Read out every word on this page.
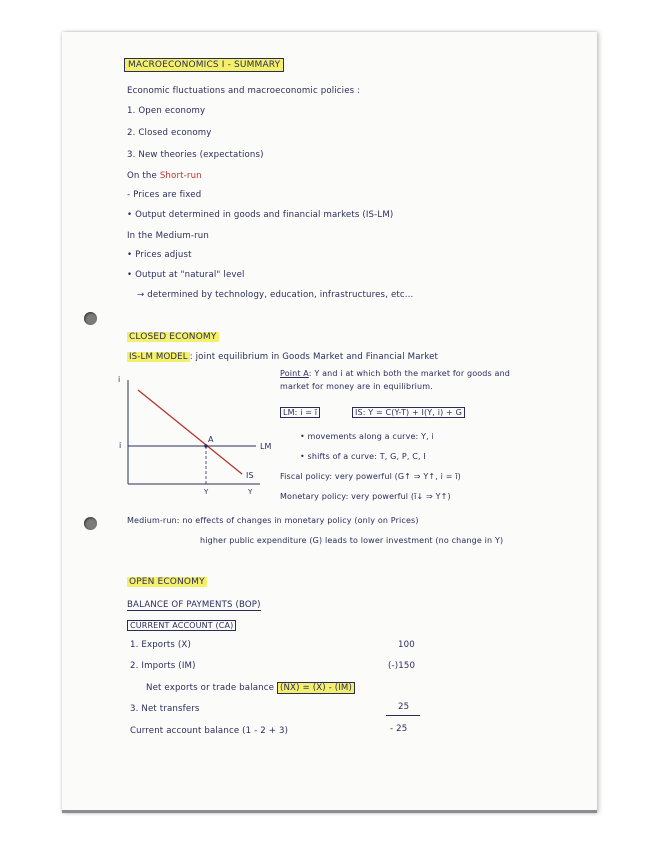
MACROECONOMICS I - SUMMARY
Economic fluctuations and macroeconomic policies :
1. Open economy
2. Closed economy
3. New theories (expectations)
On the Short-run
- Prices are fixed
• Output determined in goods and financial markets (IS-LM)
In the Medium-run
• Prices adjust
• Output at "natural" level
→ determined by technology, education, infrastructures, etc...
CLOSED ECONOMY
IS-LM MODEL : joint equilibrium in Goods Market and Financial Market
i
i
A
LM
IS
Y	Y
Point A: Y and i at which both the market for goods and
market for money are in equilibrium.
LM: i = ī	IS: Y = C(Y-T) + I(Y, i) + G
• movements along a curve: Y, i
• shifts of a curve: T, G, P, C, I
Fiscal policy: very powerful (G↑ ⇒ Y↑, i = ī)
Monetary policy: very powerful (ī↓ ⇒ Y↑)
Medium-run: no effects of changes in monetary policy (only on Prices)
higher public expenditure (G) leads to lower investment (no change in Y)
OPEN ECONOMY
BALANCE OF PAYMENTS (BOP)
CURRENT ACCOUNT (CA)
1. Exports (X)	100
2. Imports (IM)	(-)150
Net exports or trade balance (NX) = (X) - (IM)
3. Net transfers	25
Current account balance (1 - 2 + 3)	- 25
